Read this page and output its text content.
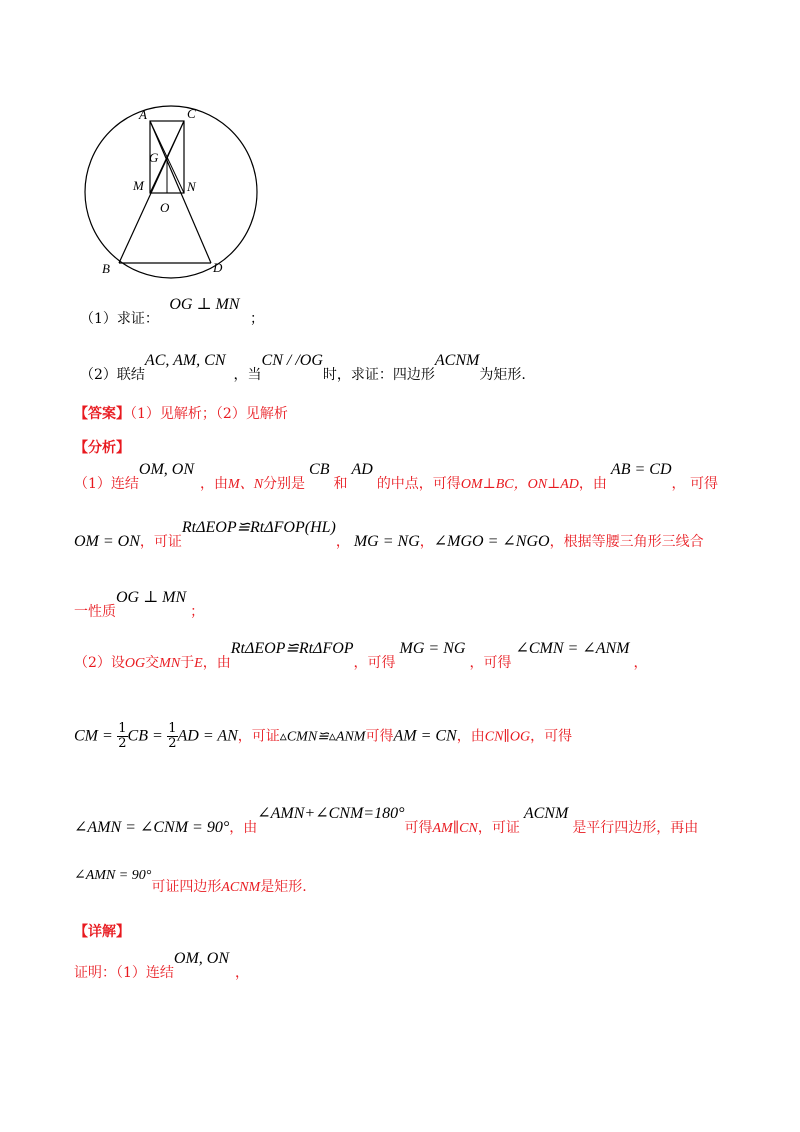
A	C
G
M	N
O
B	D
（1）求证： OG ⊥ MN ；
（2）联结AC, AM, CN，当CN / /OG时，求证：四边形ACNM为矩形.
【答案】（1）见解析；（2）见解析
【分析】
（1）连结OM, ON，由M、N分别是CB和AD的中点，可得OM⊥BC，ON⊥AD，由AB = CD， 可得
OM = ON，可证RtΔEOP≌RtΔFOP(HL)， MG = NG，∠MGO = ∠NGO，根据等腰三角形三线合
一性质OG ⊥ MN；
（2）设OG交MN于E，由RtΔEOP≌RtΔFOP，可得MG = NG，可得∠CMN = ∠ANM，
CM = $\frac{1}{2}$ CB = $\frac{1}{2}$ AD = AN，可证▵CMN≌▵ANM可得AM = CN，由CN∥OG，可得
∠AMN = ∠CNM = 90°，由∠AMN+∠CNM=180°可得AM∥CN，可证ACNM是平行四边形，再由
∠AMN = 90°可证四边形ACNM是矩形.
【详解】
证明：（1）连结OM, ON，
